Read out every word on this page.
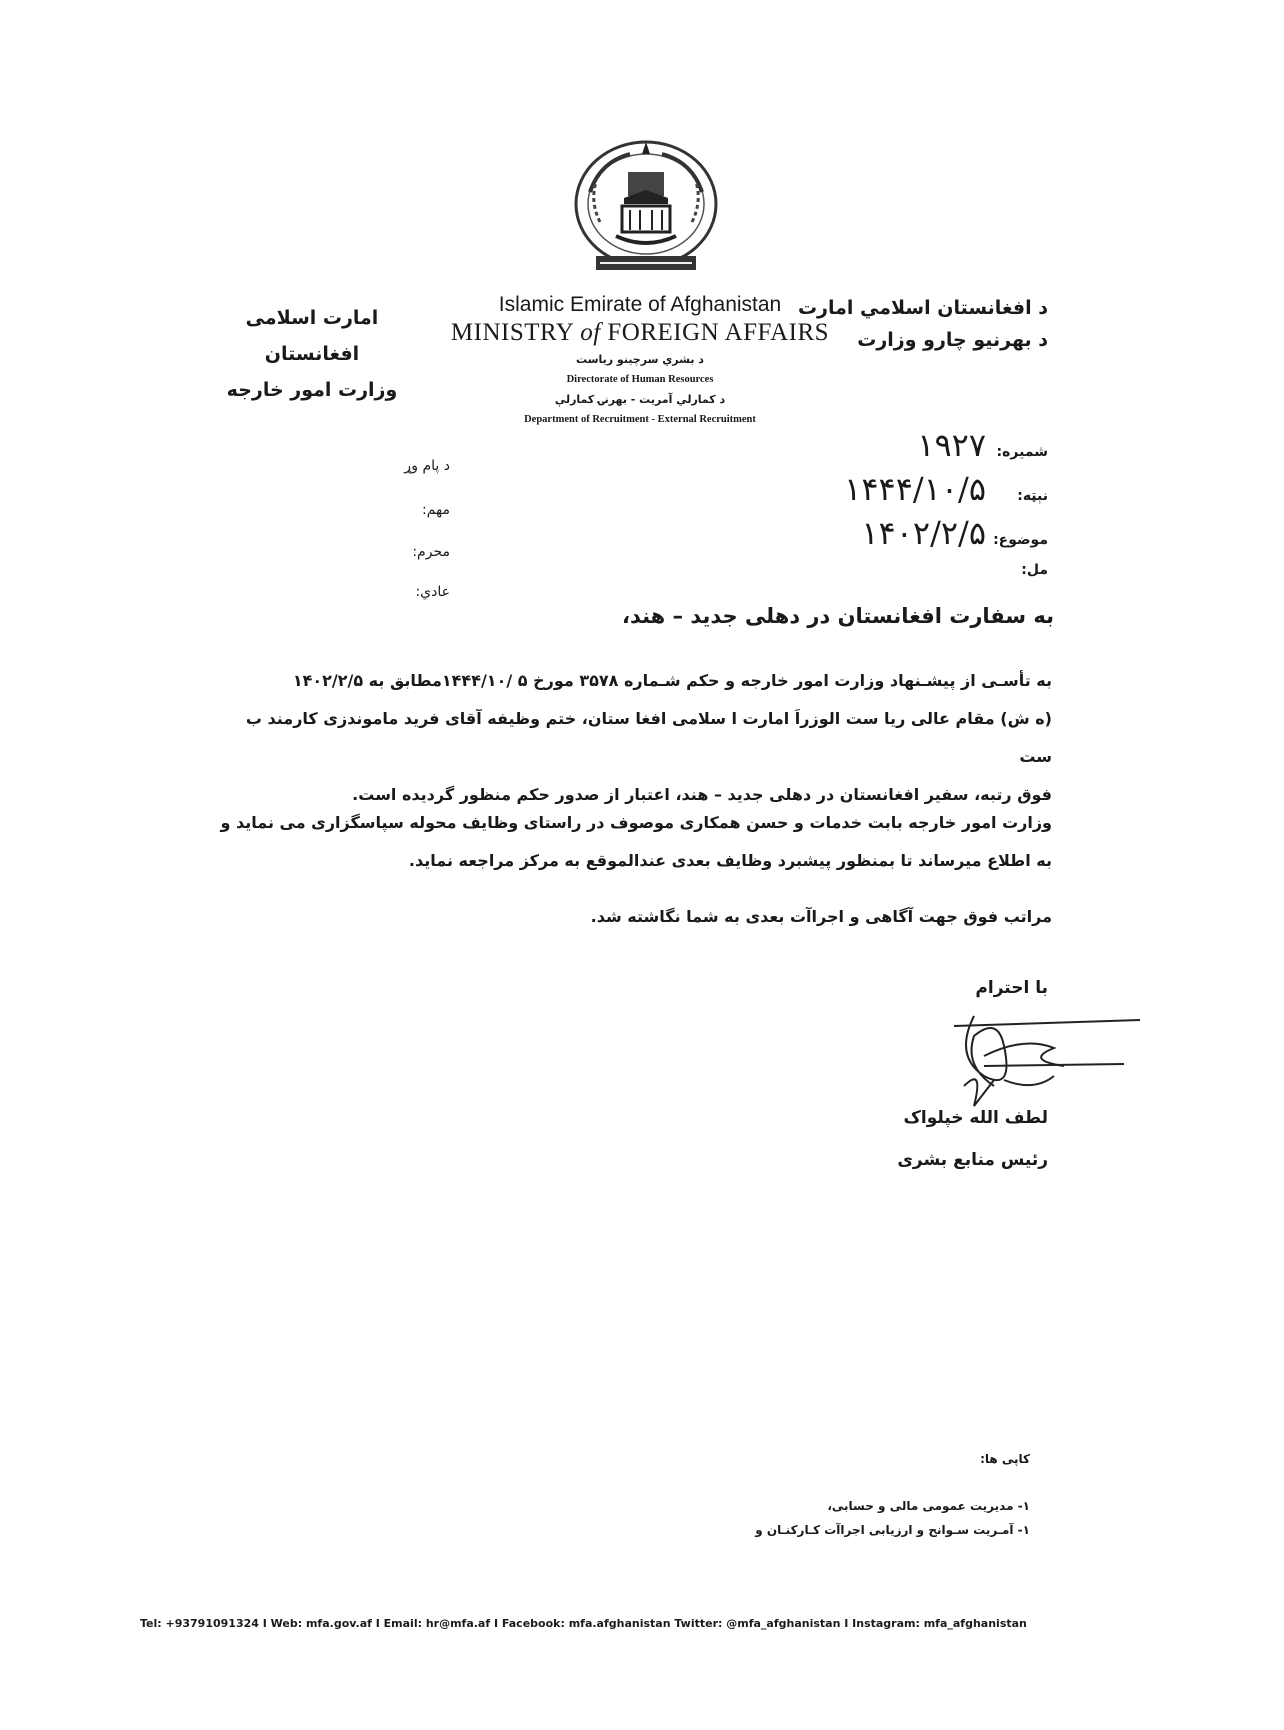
د افغانستان اسلامي امارت
د بهرنيو چارو وزارت
امارت اسلامی افغانستان
وزارت امور خارجه
Islamic Emirate of Afghanistan
MINISTRY of FOREIGN AFFAIRS
د بشري سرچينو رياست
Directorate of Human Resources
د کمارلي آمريت - بهرنۍ کمارلې
Department of Recruitment - External Recruitment
شمیره:
۱۹۲۷
نېټه:
۱۴۴۴/۱۰/۵
موضوع:
۱۴۰۲/۲/۵
مل:
د پام وړ
مهم:
محرم:
عادي:
به سفارت افغانستان در دهلی جدید – هند،
به تأسـی از پیشـنهاد وزارت امور خارجه و حکم شـماره ۳۵۷۸ مورخ ۵ /۱۴۴۴/۱۰مطابق به ۱۴۰۲/۲/۵
(ه ش) مقام عالی ریا ست الوزراَ امارت ا سلامی افغا ستان، ختم وظیفه آقای فرید ماموندزی کارمند ب ست
فوق رتبه، سفیر افغانستان در دهلی جدید – هند، اعتبار از صدور حکم منظور گردیده است.
وزارت امور خارجه بابت خدمات و حسن همکاری موصوف در راستای وظایف محوله سپاسگزاری می نماید و
به اطلاع میرساند تا بمنظور پیشبرد وظایف بعدی عندالموقع به مرکز مراجعه نماید.
مراتب فوق جهت آگاهی و اجراآت بعدی به شما نگاشته شد.
با احترام
لطف الله خپلواک
رئیس منابع بشری
کاپی ها:
۱- مدیریت عمومی مالی و حسابی،
۱- آمـریت سـوانح و ارزیابی اجراآت کـارکنـان و
Tel: +93791091324 I Web: mfa.gov.af I Email: hr@mfa.af I Facebook: mfa.afghanistan Twitter: @mfa_afghanistan I Instagram: mfa_afghanistan
